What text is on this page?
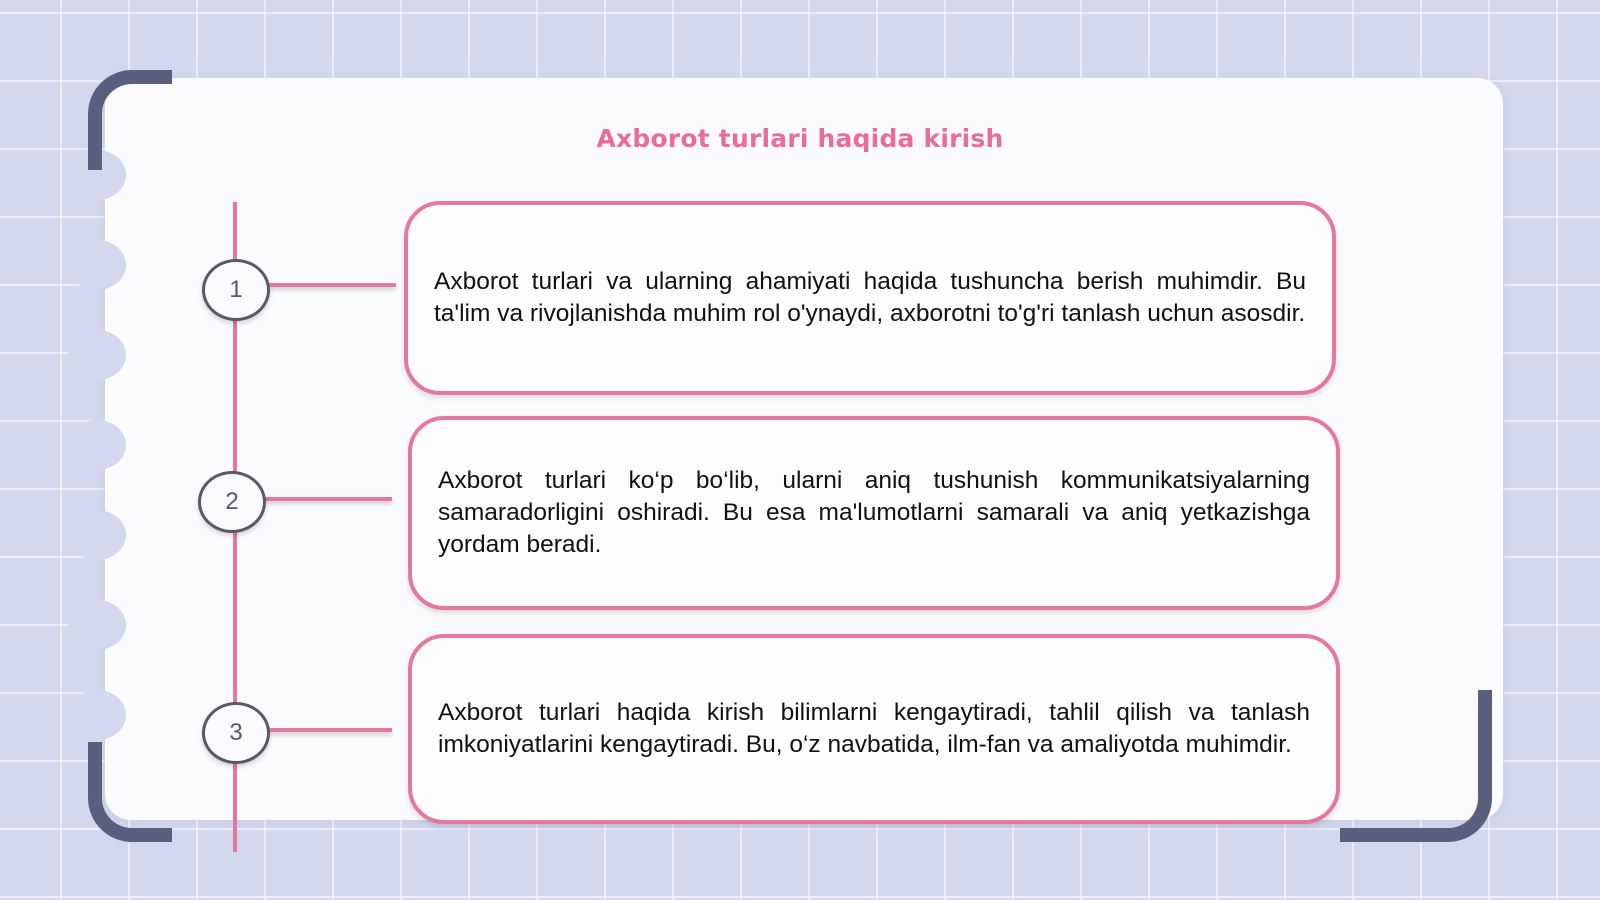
Axborot turlari haqida kirish
1
2
3
Axborot turlari va ularning ahamiyati haqida tushuncha berish muhimdir. Bu ta'lim va rivojlanishda muhim rol o'ynaydi, axborotni to'g'ri tanlash uchun asosdir.
Axborot turlari ko‘p bo‘lib, ularni aniq tushunish kommunikatsiyalarning samaradorligini oshiradi. Bu esa ma'lumotlarni samarali va aniq yetkazishga yordam beradi.
Axborot turlari haqida kirish bilimlarni kengaytiradi, tahlil qilish va tanlash imkoniyatlarini kengaytiradi. Bu, o‘z navbatida, ilm-fan va amaliyotda muhimdir.
